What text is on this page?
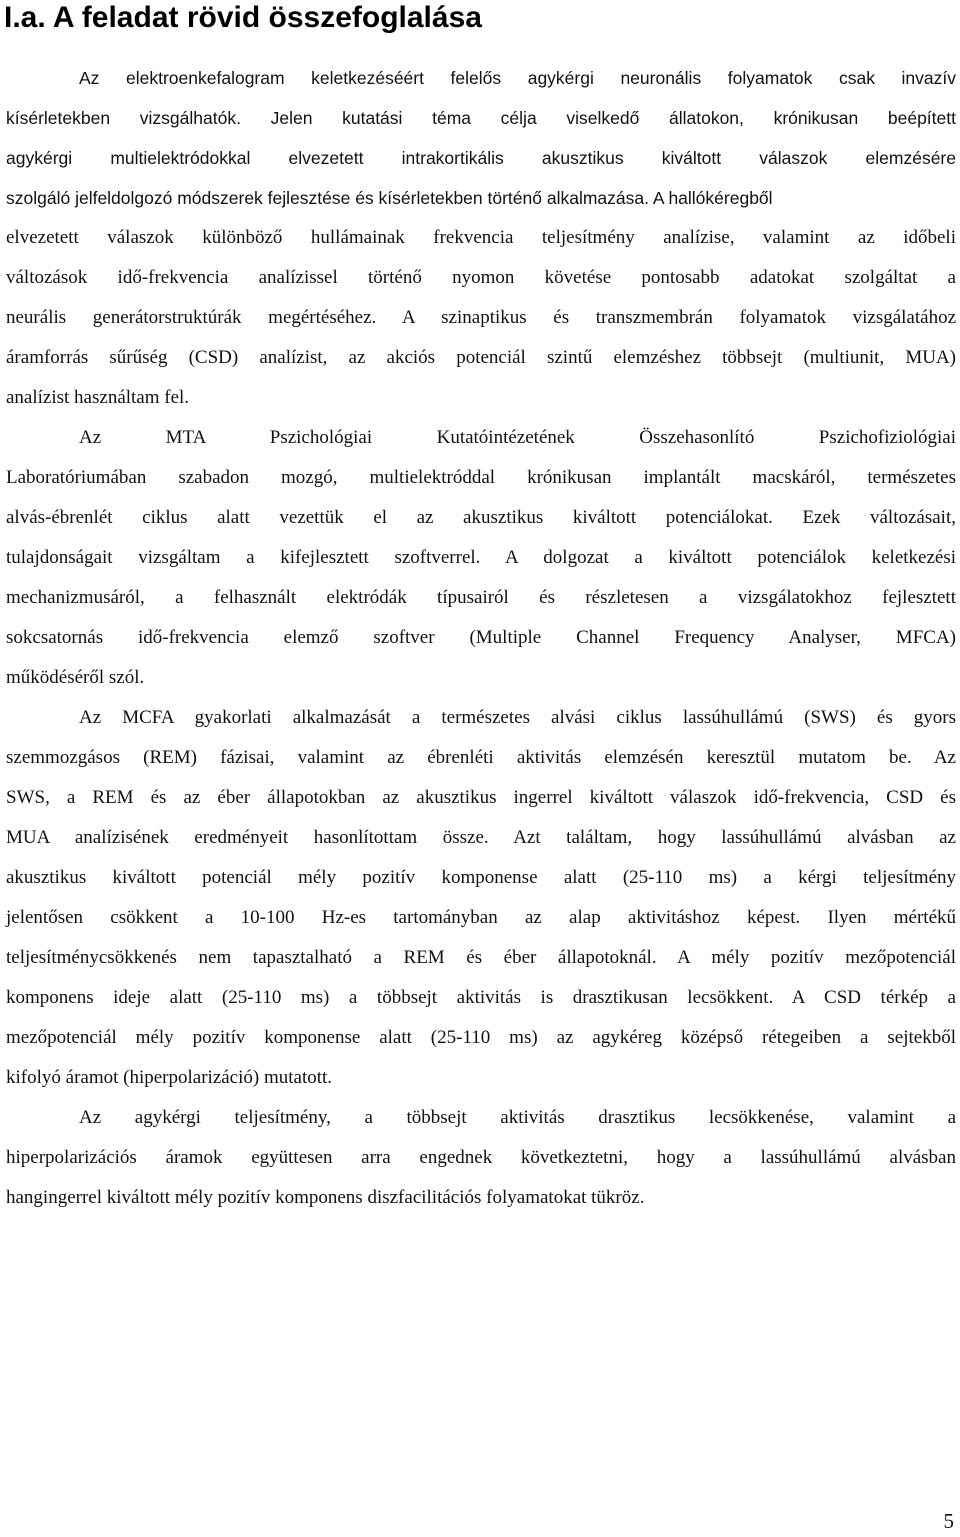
I.a. A feladat rövid összefoglalása
Az elektroenkefalogram keletkezéséért felelős agykérgi neuronális folyamatok csak invazív
kísérletekben vizsgálhatók. Jelen kutatási téma célja viselkedő állatokon, krónikusan beépített
agykérgi multielektródokkal elvezetett intrakortikális akusztikus kiváltott válaszok elemzésére
szolgáló jelfeldolgozó módszerek fejlesztése és kísérletekben történő alkalmazása. A hallókéregből
elvezetett válaszok különböző hullámainak frekvencia teljesítmény analízise, valamint az időbeli
változások idő-frekvencia analízissel történő nyomon követése pontosabb adatokat szolgáltat a
neurális generátorstruktúrák megértéséhez. A szinaptikus és transzmembrán folyamatok vizsgálatához
áramforrás sűrűség (CSD) analízist, az akciós potenciál szintű elemzéshez többsejt (multiunit, MUA)
analízist használtam fel.
Az MTA Pszichológiai Kutatóintézetének Összehasonlító Pszichofiziológiai
Laboratóriumában szabadon mozgó, multielektróddal krónikusan implantált macskáról, természetes
alvás-ébrenlét ciklus alatt vezettük el az akusztikus kiváltott potenciálokat. Ezek változásait,
tulajdonságait vizsgáltam a kifejlesztett szoftverrel. A dolgozat a kiváltott potenciálok keletkezési
mechanizmusáról, a felhasznált elektródák típusairól és részletesen a vizsgálatokhoz fejlesztett
sokcsatornás idő-frekvencia elemző szoftver (Multiple Channel Frequency Analyser, MFCA)
működéséről szól.
Az MCFA gyakorlati alkalmazását a természetes alvási ciklus lassúhullámú (SWS) és gyors
szemmozgásos (REM) fázisai, valamint az ébrenléti aktivitás elemzésén keresztül mutatom be. Az
SWS, a REM és az éber állapotokban az akusztikus ingerrel kiváltott válaszok idő-frekvencia, CSD és
MUA analízisének eredményeit hasonlítottam össze. Azt találtam, hogy lassúhullámú alvásban az
akusztikus kiváltott potenciál mély pozitív komponense alatt (25-110 ms) a kérgi teljesítmény
jelentősen csökkent a 10-100 Hz-es tartományban az alap aktivitáshoz képest. Ilyen mértékű
teljesítménycsökkenés nem tapasztalható a REM és éber állapotoknál. A mély pozitív mezőpotenciál
komponens ideje alatt (25-110 ms) a többsejt aktivitás is drasztikusan lecsökkent. A CSD térkép a
mezőpotenciál mély pozitív komponense alatt (25-110 ms) az agykéreg középső rétegeiben a sejtekből
kifolyó áramot (hiperpolarizáció) mutatott.
Az agykérgi teljesítmény, a többsejt aktivitás drasztikus lecsökkenése, valamint a
hiperpolarizációs áramok együttesen arra engednek következtetni, hogy a lassúhullámú alvásban
hangingerrel kiváltott mély pozitív komponens diszfacilitációs folyamatokat tükröz.
5
